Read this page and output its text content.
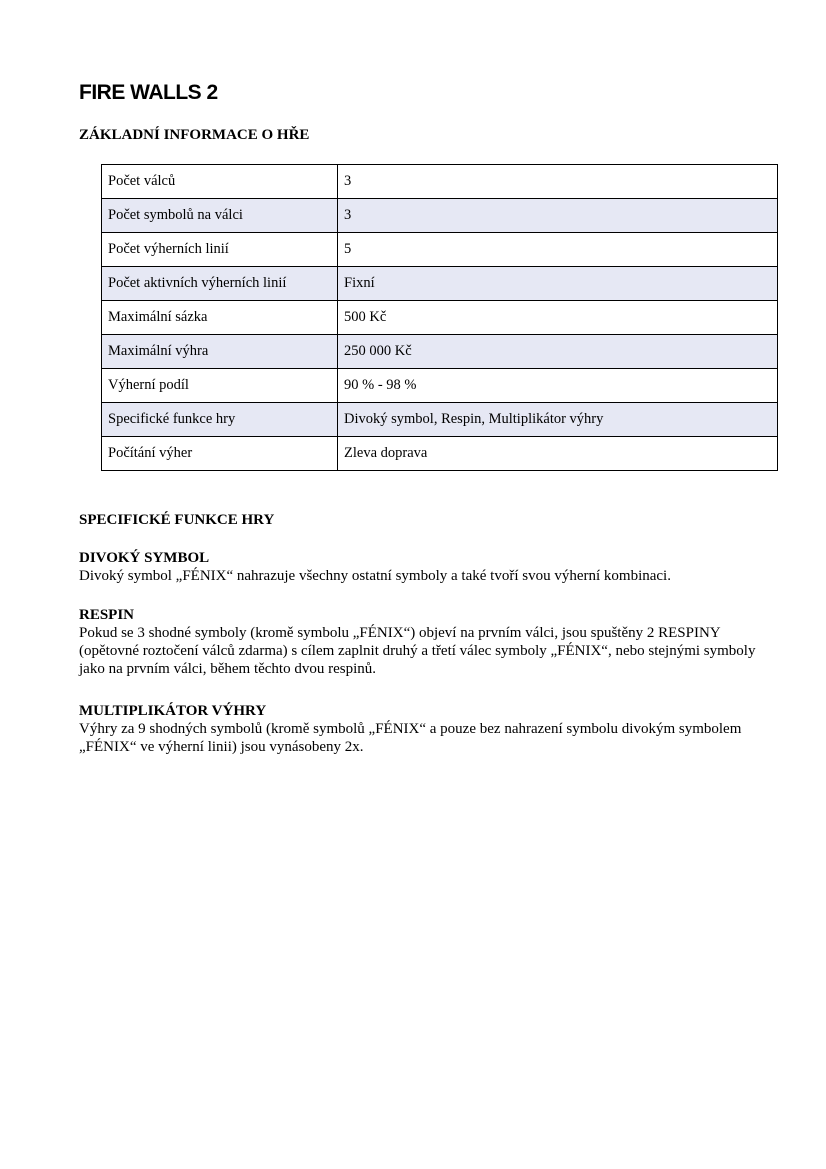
FIRE WALLS 2
ZÁKLADNÍ INFORMACE O HŘE
Počet válců	3
Počet symbolů na válci	3
Počet výherních linií	5
Počet aktivních výherních linií	Fixní
Maximální sázka	500 Kč
Maximální výhra	250 000 Kč
Výherní podíl	90 % - 98 %
Specifické funkce hry	Divoký symbol, Respin, Multiplikátor výhry
Počítání výher	Zleva doprava
SPECIFICKÉ FUNKCE HRY
DIVOKÝ SYMBOL

Divoký symbol „FÉNIX“ nahrazuje všechny ostatní symboly a také tvoří svou výherní kombinaci.

RESPIN

Pokud se 3 shodné symboly (kromě symbolu „FÉNIX“) objeví na prvním válci, jsou spuštěny 2 RESPINY (opětovné roztočení válců zdarma) s cílem zaplnit druhý a třetí válec symboly „FÉNIX“, nebo stejnými symboly jako na prvním válci, během těchto dvou respinů.

MULTIPLIKÁTOR VÝHRY

Výhry za 9 shodných symbolů (kromě symbolů „FÉNIX“ a pouze bez nahrazení symbolu divokým symbolem „FÉNIX“ ve výherní linii) jsou vynásobeny 2x.
